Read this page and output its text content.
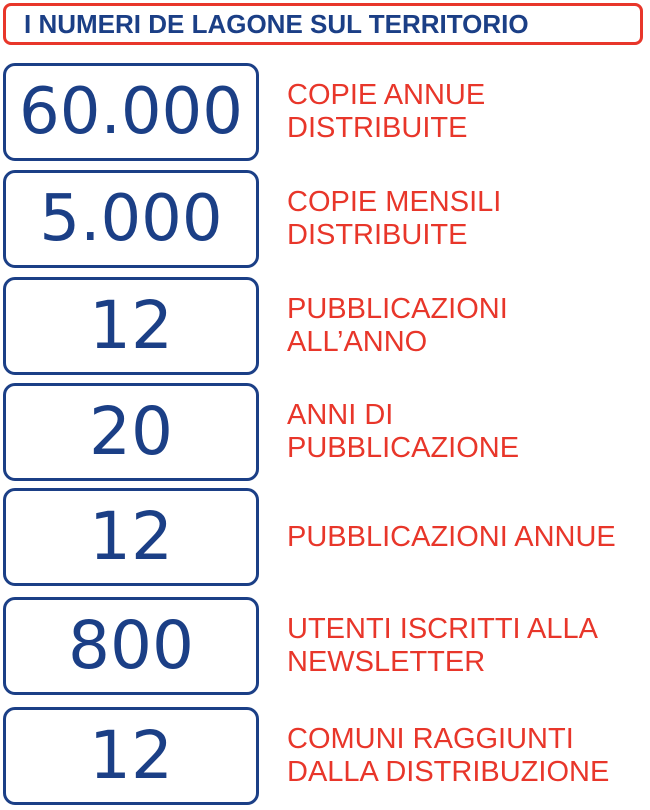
I NUMERI DE LAGONE SUL TERRITORIO
60.000 COPIE ANNUE
DISTRIBUITE
5.000 COPIE MENSILI
DISTRIBUITE
12	PUBBLICAZIONI
ALL’ANNO
20	ANNI DI
PUBBLICAZIONE
12	PUBBLICAZIONI ANNUE
800	UTENTI ISCRITTI ALLA
NEWSLETTER
12	COMUNI RAGGIUNTI
DALLA DISTRIBUZIONE
